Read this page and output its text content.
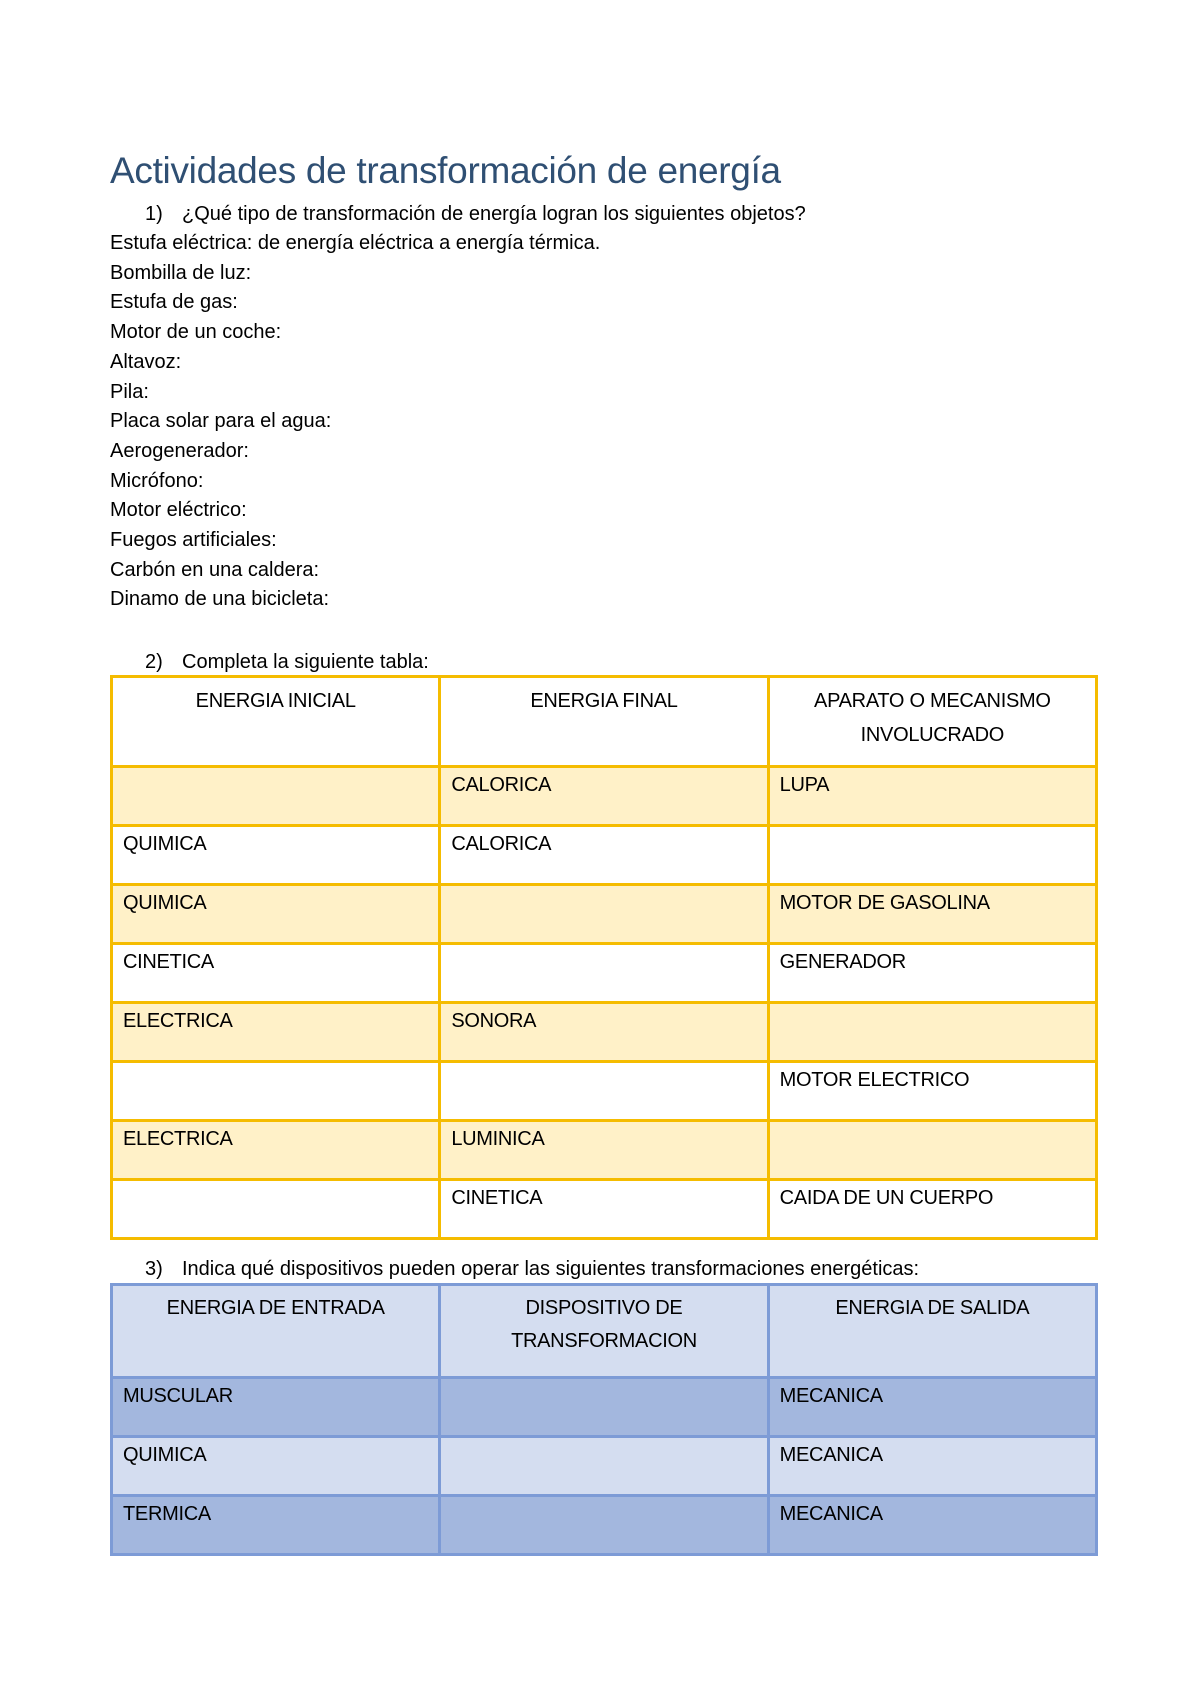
Actividades de transformación de energía
1) ¿Qué tipo de transformación de energía logran los siguientes objetos?
Estufa eléctrica: de energía eléctrica a energía térmica.
Bombilla de luz:
Estufa de gas:
Motor de un coche:
Altavoz:
Pila:
Placa solar para el agua:
Aerogenerador:
Micrófono:
Motor eléctrico:
Fuegos artificiales:
Carbón en una caldera:
Dinamo de una bicicleta:
2) Completa la siguiente tabla:
ENERGIA INICIAL	ENERGIA FINAL	APARATO O MECANISMO INVOLUCRADO
	CALORICA	LUPA
QUIMICA	CALORICA	
QUIMICA		MOTOR DE GASOLINA
CINETICA		GENERADOR
ELECTRICA	SONORA	
		MOTOR ELECTRICO
ELECTRICA	LUMINICA	
	CINETICA	CAIDA DE UN CUERPO
3) Indica qué dispositivos pueden operar las siguientes transformaciones energéticas:
ENERGIA DE ENTRADA	DISPOSITIVO DE TRANSFORMACION	ENERGIA DE SALIDA
MUSCULAR		MECANICA
QUIMICA		MECANICA
TERMICA		MECANICA
